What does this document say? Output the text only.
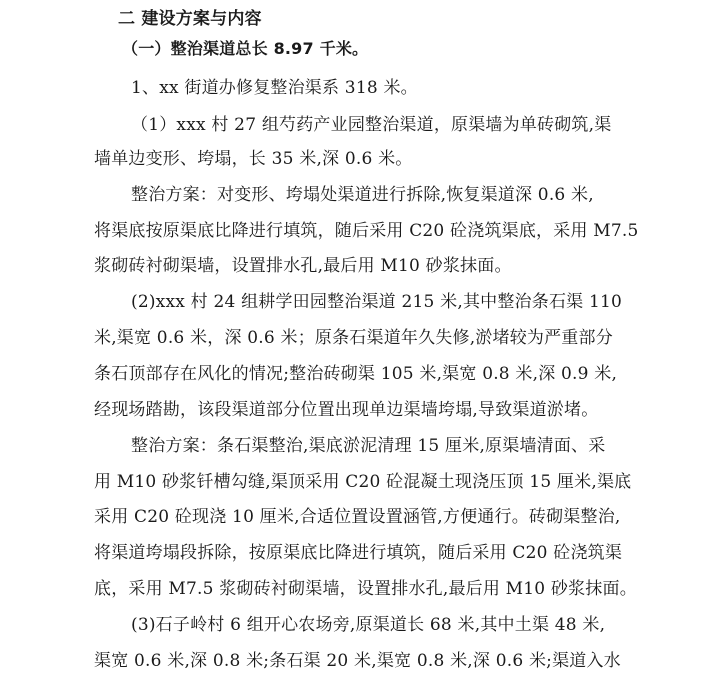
二 建设方案与内容
（一）整治渠道总长 8.97 千米。
1、xx 街道办修复整治渠系 318 米。
（1）xxx 村 27 组芍药产业园整治渠道，原渠墙为单砖砌筑,渠
墙单边变形、垮塌，长 35 米,深 0.6 米。
整治方案：对变形、垮塌处渠道进行拆除,恢复渠道深 0.6 米,
将渠底按原渠底比降进行填筑，随后采用 C20 砼浇筑渠底，采用 M7.5
浆砌砖衬砌渠墙，设置排水孔,最后用 M10 砂浆抹面。
(2)xxx 村 24 组耕学田园整治渠道 215 米,其中整治条石渠 110
米,渠宽 0.6 米，深 0.6 米；原条石渠道年久失修,淤堵较为严重部分
条石顶部存在风化的情况;整治砖砌渠 105 米,渠宽 0.8 米,深 0.9 米,
经现场踏勘，该段渠道部分位置出现单边渠墙垮塌,导致渠道淤堵。
整治方案：条石渠整治,渠底淤泥清理 15 厘米,原渠墙清面、采
用 M10 砂浆钎槽勾缝,渠顶采用 C20 砼混凝土现浇压顶 15 厘米,渠底
采用 C20 砼现浇 10 厘米,合适位置设置涵管,方便通行。砖砌渠整治,
将渠道垮塌段拆除，按原渠底比降进行填筑，随后采用 C20 砼浇筑渠
底，采用 M7.5 浆砌砖衬砌渠墙，设置排水孔,最后用 M10 砂浆抹面。
(3)石子岭村 6 组开心农场旁,原渠道长 68 米,其中土渠 48 米,
渠宽 0.6 米,深 0.8 米;条石渠 20 米,渠宽 0.8 米,深 0.6 米;渠道入水
